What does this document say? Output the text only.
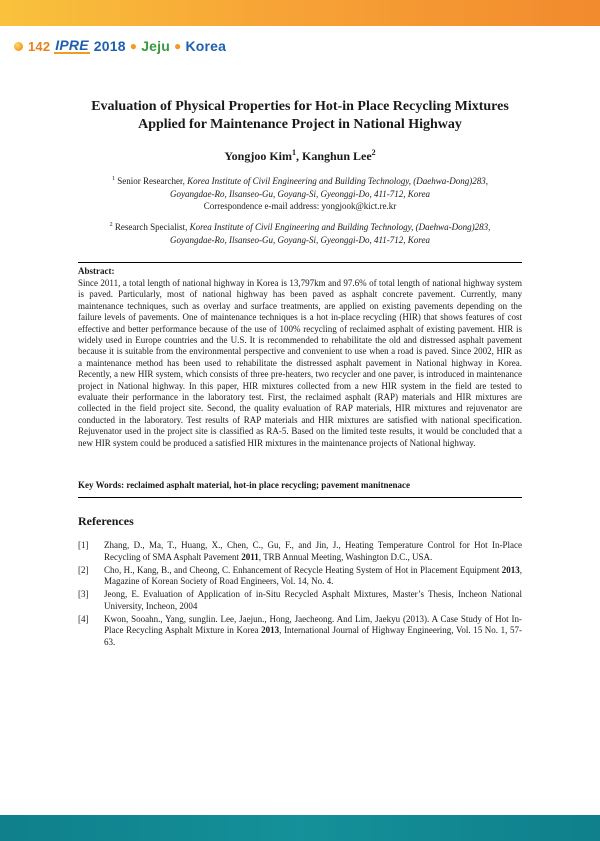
142 IPRE 2018 ● Jeju ● Korea
Evaluation of Physical Properties for Hot-in Place Recycling Mixtures
Applied for Maintenance Project in National Highway
Yongjoo Kim$^1$, Kanghun Lee$^2$
$^1$ Senior Researcher, Korea Institute of Civil Engineering and Building Technology, (Daehwa-Dong)283,
Goyangdae-Ro, Ilsanseo-Gu, Goyang-Si, Gyeonggi-Do, 411-712, Korea
Correspondence e-mail address: yongjook@kict.re.kr
$^2$ Research Specialist, Korea Institute of Civil Engineering and Building Technology, (Daehwa-Dong)283,
Goyangdae-Ro, Ilsanseo-Gu, Goyang-Si, Gyeonggi-Do, 411-712, Korea
Abstract:
Since 2011, a total length of national highway in Korea is 13,797km and 97.6% of total length of national highway system is paved. Particularly, most of national highway has been paved as asphalt concrete pavement. Currently, many maintenance techniques, such as overlay and surface treatments, are applied on existing pavements depending on the failure levels of pavements. One of maintenance techniques is a hot in-place recycling (HIR) that shows features of cost effective and better performance because of the use of 100% recycling of reclaimed asphalt of existing pavement. HIR is widely used in Europe countries and the U.S. It is recommended to rehabilitate the old and distressed asphalt pavement because it is suitable from the environmental perspective and convenient to use when a road is paved. Since 2002, HIR as a maintenance method has been used to rehabilitate the distressed asphalt pavement in National highway in Korea. Recently, a new HIR system, which consists of three pre-heaters, two recycler and one paver, is introduced in maintenance project in National highway. In this paper, HIR mixtures collected from a new HIR system in the field are tested to evaluate their performance in the laboratory test. First, the reclaimed asphalt (RAP) materials and HIR mixtures are collected in the field project site. Second, the quality evaluation of RAP materials, HIR mixtures and rejuvenator are conducted in the laboratory. Test results of RAP materials and HIR mixtures are satisfied with national specification. Rejuvenator used in the project site is classified as RA-5. Based on the limited teste results, it would be concluded that a new HIR system could be produced a satisfied HIR mixtures in the maintenance projects of National highway.
Key Words: reclaimed asphalt material, hot-in place recycling; pavement manitnenace
References
[1]	Zhang, D., Ma, T., Huang, X., Chen, C., Gu, F., and Jin, J., Heating Temperature Control for Hot In-Place Recycling of SMA Asphalt Pavement 2011, TRB Annual Meeting, Washington D.C., USA.
[2]	Cho, H., Kang, B., and Cheong, C. Enhancement of Recycle Heating System of Hot in Placement Equipment 2013, Magazine of Korean Society of Road Engineers, Vol. 14, No. 4.
[3]	Jeong, E. Evaluation of Application of in-Situ Recycled Asphalt Mixtures, Master’s Thesis, Incheon National University, Incheon, 2004
[4]	Kwon, Sooahn., Yang, sunglin. Lee, Jaejun., Hong, Jaecheong. And Lim, Jaekyu (2013). A Case Study of Hot In-Place Recycling Asphalt Mixture in Korea 2013, International Journal of Highway Engineering, Vol. 15 No. 1, 57-63.
